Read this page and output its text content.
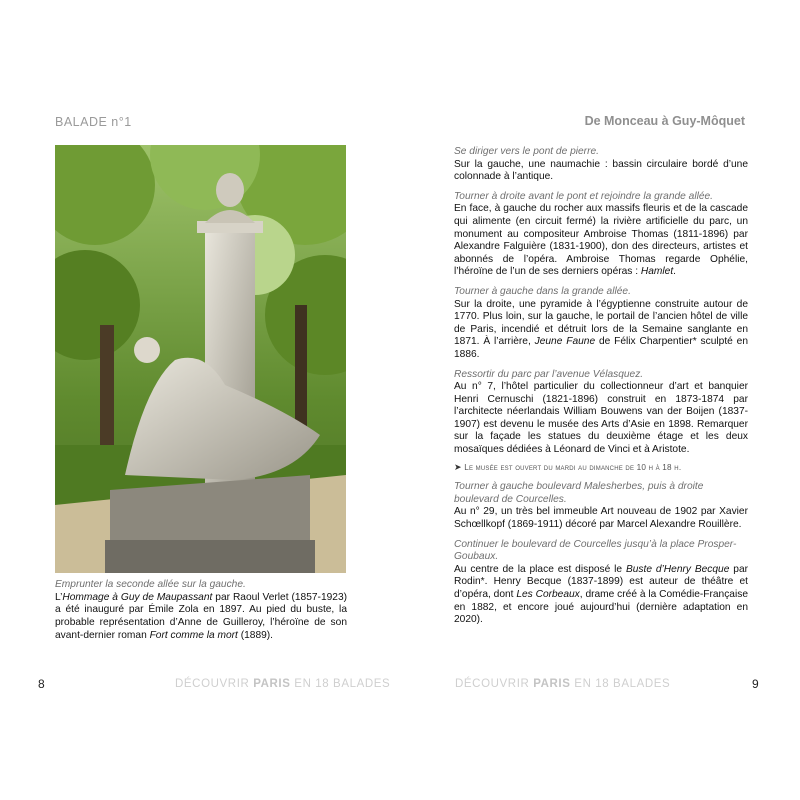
BALADE n°1
Emprunter la seconde allée sur la gauche.
L’Hommage à Guy de Maupassant par Raoul Verlet (1857-1923) a été inauguré par Émile Zola en 1897. Au pied du buste, la probable représentation d’Anne de Guilleroy, l’héroïne de son avant-dernier roman Fort comme la mort (1889).
8	DÉCOUVRIR PARIS EN 18 BALADES
De Monceau à Guy-Môquet
Se diriger vers le pont de pierre.
Sur la gauche, une naumachie : bassin circulaire bordé d’une colonnade à l’antique.
Tourner à droite avant le pont et rejoindre la grande allée.
En face, à gauche du rocher aux massifs fleuris et de la cascade qui alimente (en circuit fermé) la rivière artificielle du parc, un monument au compositeur Ambroise Thomas (1811-1896) par Alexandre Falguière (1831-1900), don des directeurs, artistes et abonnés de l’opéra. Ambroise Thomas regarde Ophélie, l’héroïne de l’un de ses derniers opéras : Hamlet.
Tourner à gauche dans la grande allée.
Sur la droite, une pyramide à l’égyptienne construite autour de 1770. Plus loin, sur la gauche, le portail de l’ancien hôtel de ville de Paris, incendié et détruit lors de la Semaine sanglante en 1871. À l’arrière, Jeune Faune de Félix Charpentier* sculpté en 1886.
Ressortir du parc par l’avenue Vélasquez.
Au n° 7, l’hôtel particulier du collectionneur d’art et banquier Henri Cernuschi (1821-1896) construit en 1873-1874 par l’architecte néerlandais William Bouwens van der Boijen (1837-1907) est devenu le musée des Arts d’Asie en 1898. Remarquer sur la façade les statues du deuxième étage et les deux mosaïques dédiées à Léonard de Vinci et à Aristote.
➤ Le musée est ouvert du mardi au dimanche de 10 h à 18 h.
Tourner à gauche boulevard Malesherbes, puis à droite boulevard de Courcelles.
Au n° 29, un très bel immeuble Art nouveau de 1902 par Xavier Schœllkopf (1869-1911) décoré par Marcel Alexandre Rouillère.
Continuer le boulevard de Courcelles jusqu’à la place Prosper-Goubaux.
Au centre de la place est disposé le Buste d’Henry Becque par Rodin*. Henry Becque (1837-1899) est auteur de théâtre et d’opéra, dont Les Corbeaux, drame créé à la Comédie-Française en 1882, et encore joué aujourd’hui (dernière adaptation en 2020).
DÉCOUVRIR PARIS EN 18 BALADES	9
